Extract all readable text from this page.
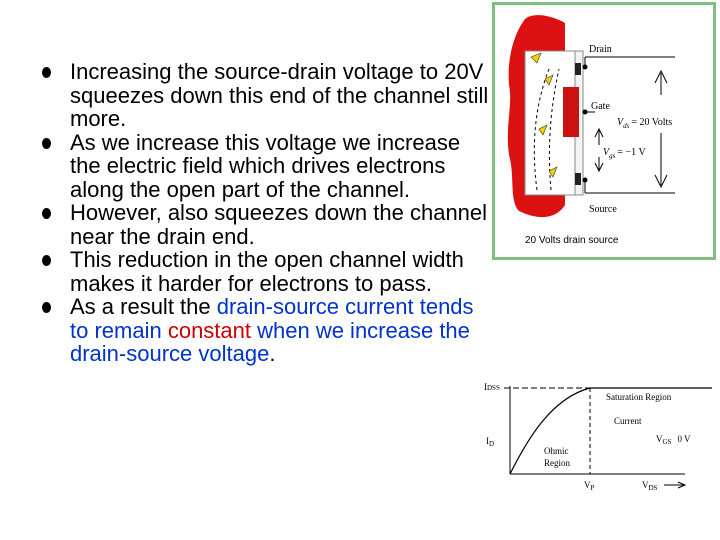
Increasing the source-drain voltage to 20V squeezes down this end of the channel still more.
As we increase this voltage we increase the electric field which drives electrons along the open part of the channel.
However, also squeezes down the channel near the drain end.
This reduction in the open channel width makes it harder for electrons to pass.
As a result the drain-source current tends to remain constant when we increase the drain-source voltage.
Drain
Gate
Source
$V_{ds} = 20$ Volts
$V_{gs} = -1$ V
20 Volts drain source
IDSS
$I_D$
Saturation Region
Current
$V_{GS}$ 0 V
Ohmic
Region
$V_P$	$V_{DS}$
